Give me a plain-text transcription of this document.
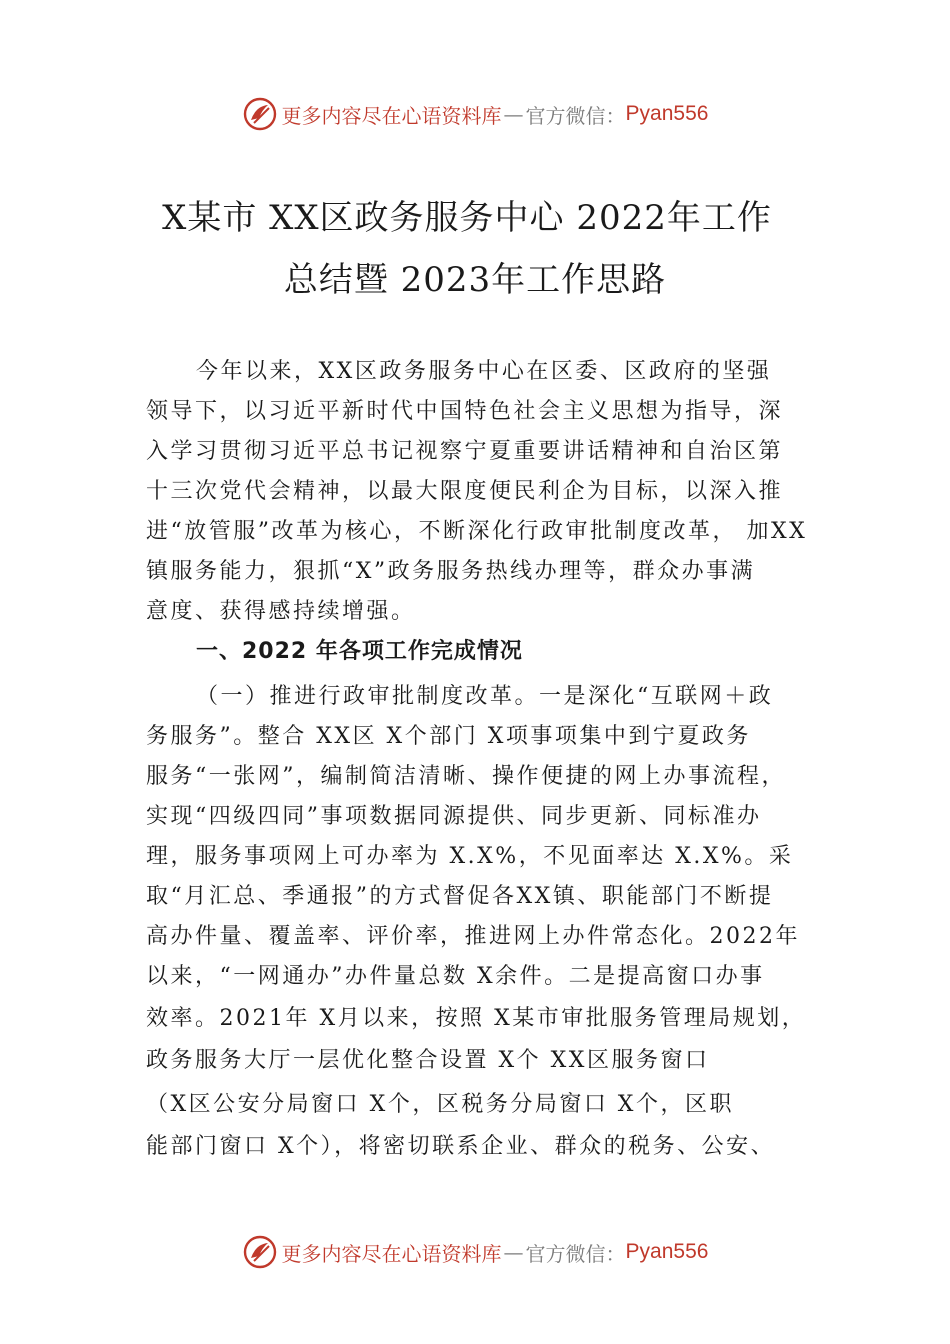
更多内容尽在心语资料库 — 官方微信： Pyan556
X某市 XX区政务服务中心 2022年工作
总结暨 2023年工作思路
今年以来，XX区政务服务中心在区委、区政府的坚强
领导下，以习近平新时代中国特色社会主义思想为指导，深
入学习贯彻习近平总书记视察宁夏重要讲话精神和自治区第
十三次党代会精神，以最大限度便民利企为目标，以深入推
进“放管服”改革为核心，不断深化行政审批制度改革， 加XX
镇服务能力，狠抓“X”政务服务热线办理等，群众办事满
意度、获得感持续增强。
一、2022 年各项工作完成情况
（一）推进行政审批制度改革。一是深化“互联网＋政
务服务”。整合 XX区 X个部门 X项事项集中到宁夏政务
服务“一张网”，编制简洁清晰、操作便捷的网上办事流程，
实现“四级四同”事项数据同源提供、同步更新、同标准办
理，服务事项网上可办率为 X.X%，不见面率达 X.X%。采
取“月汇总、季通报”的方式督促各XX镇、职能部门不断提
高办件量、覆盖率、评价率，推进网上办件常态化。2022年
以来，“一网通办”办件量总数 X余件。二是提高窗口办事
效率。2021年 X月以来，按照 X某市审批服务管理局规划，
政务服务大厅一层优化整合设置 X个 XX区服务窗口
（X区公安分局窗口 X个，区税务分局窗口 X个，区职
能部门窗口 X个），将密切联系企业、群众的税务、公安、
更多内容尽在心语资料库 — 官方微信： Pyan556
